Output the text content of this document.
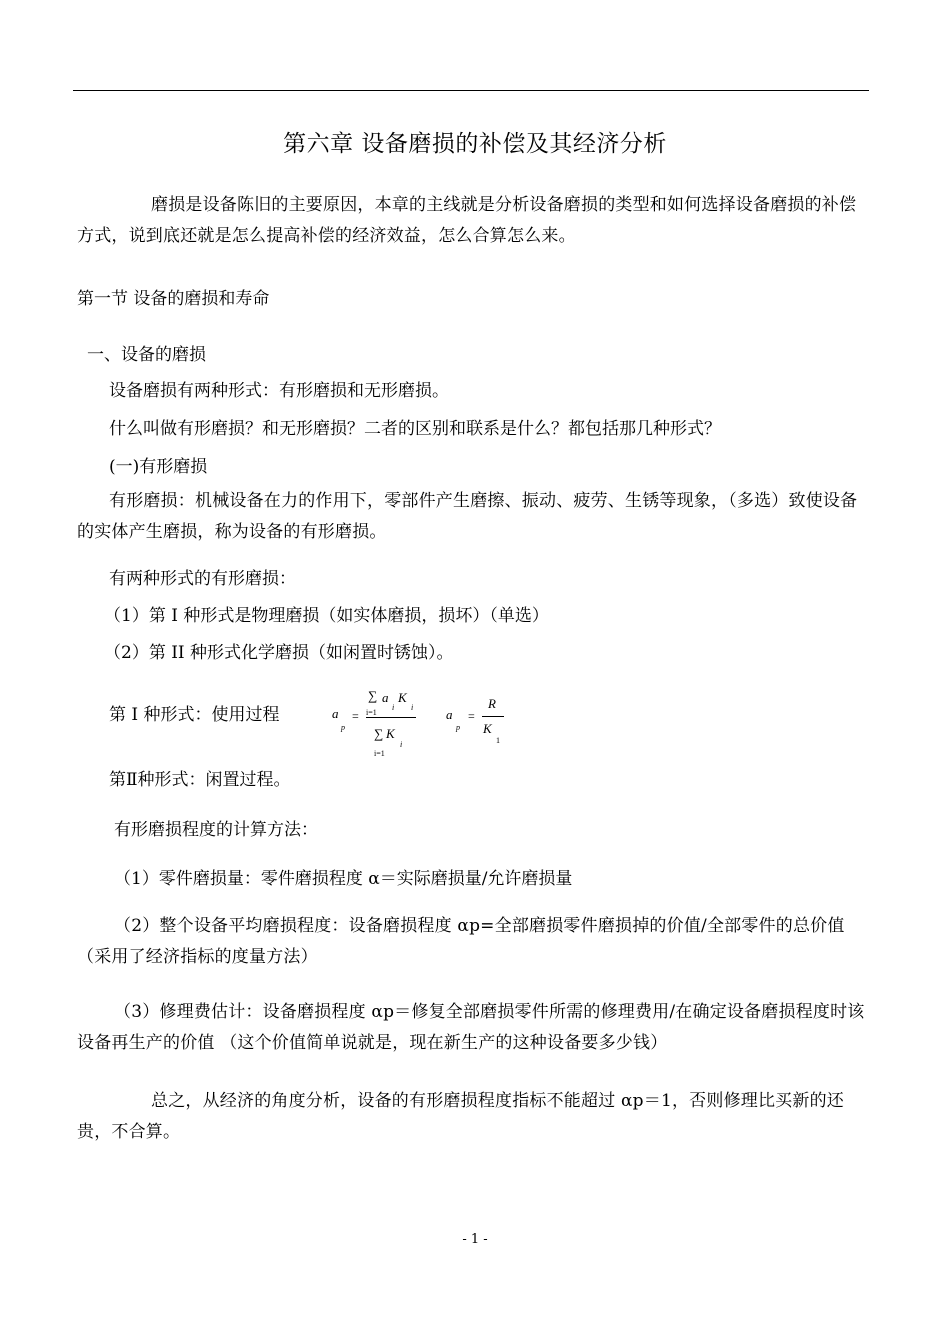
第六章 设备磨损的补偿及其经济分析
磨损是设备陈旧的主要原因，本章的主线就是分析设备磨损的类型和如何选择设备磨损的补偿方式，说到底还就是怎么提高补偿的经济效益，怎么合算怎么来。
第一节 设备的磨损和寿命
一、设备的磨损
设备磨损有两种形式：有形磨损和无形磨损。
什么叫做有形磨损？和无形磨损？二者的区别和联系是什么？都包括那几种形式？
(一)有形磨损
有形磨损：机械设备在力的作用下，零部件产生磨擦、振动、疲劳、生锈等现象，（多选）致使设备的实体产生磨损，称为设备的有形磨损。
有两种形式的有形磨损：
（1）第 I 种形式是物理磨损（如实体磨损，损坏）（单选）
（2）第 II 种形式化学磨损（如闲置时锈蚀）。
第 I 种形式：使用过程	a
p
=
∑ a
i
K
i
i=1
∑ K
i
i=1
a
p
=
R
K
1
第Ⅱ种形式：闲置过程。
有形磨损程度的计算方法：
（1）零件磨损量：零件磨损程度 α＝实际磨损量/允许磨损量
（2）整个设备平均磨损程度：设备磨损程度 αp=全部磨损零件磨损掉的价值/全部零件的总价值（采用了经济指标的度量方法）
（3）修理费估计：设备磨损程度 αp＝修复全部磨损零件所需的修理费用/在确定设备磨损程度时该设备再生产的价值 （这个价值简单说就是，现在新生产的这种设备要多少钱）
总之，从经济的角度分析，设备的有形磨损程度指标不能超过 αp＝1，否则修理比买新的还贵，不合算。
- 1 -
